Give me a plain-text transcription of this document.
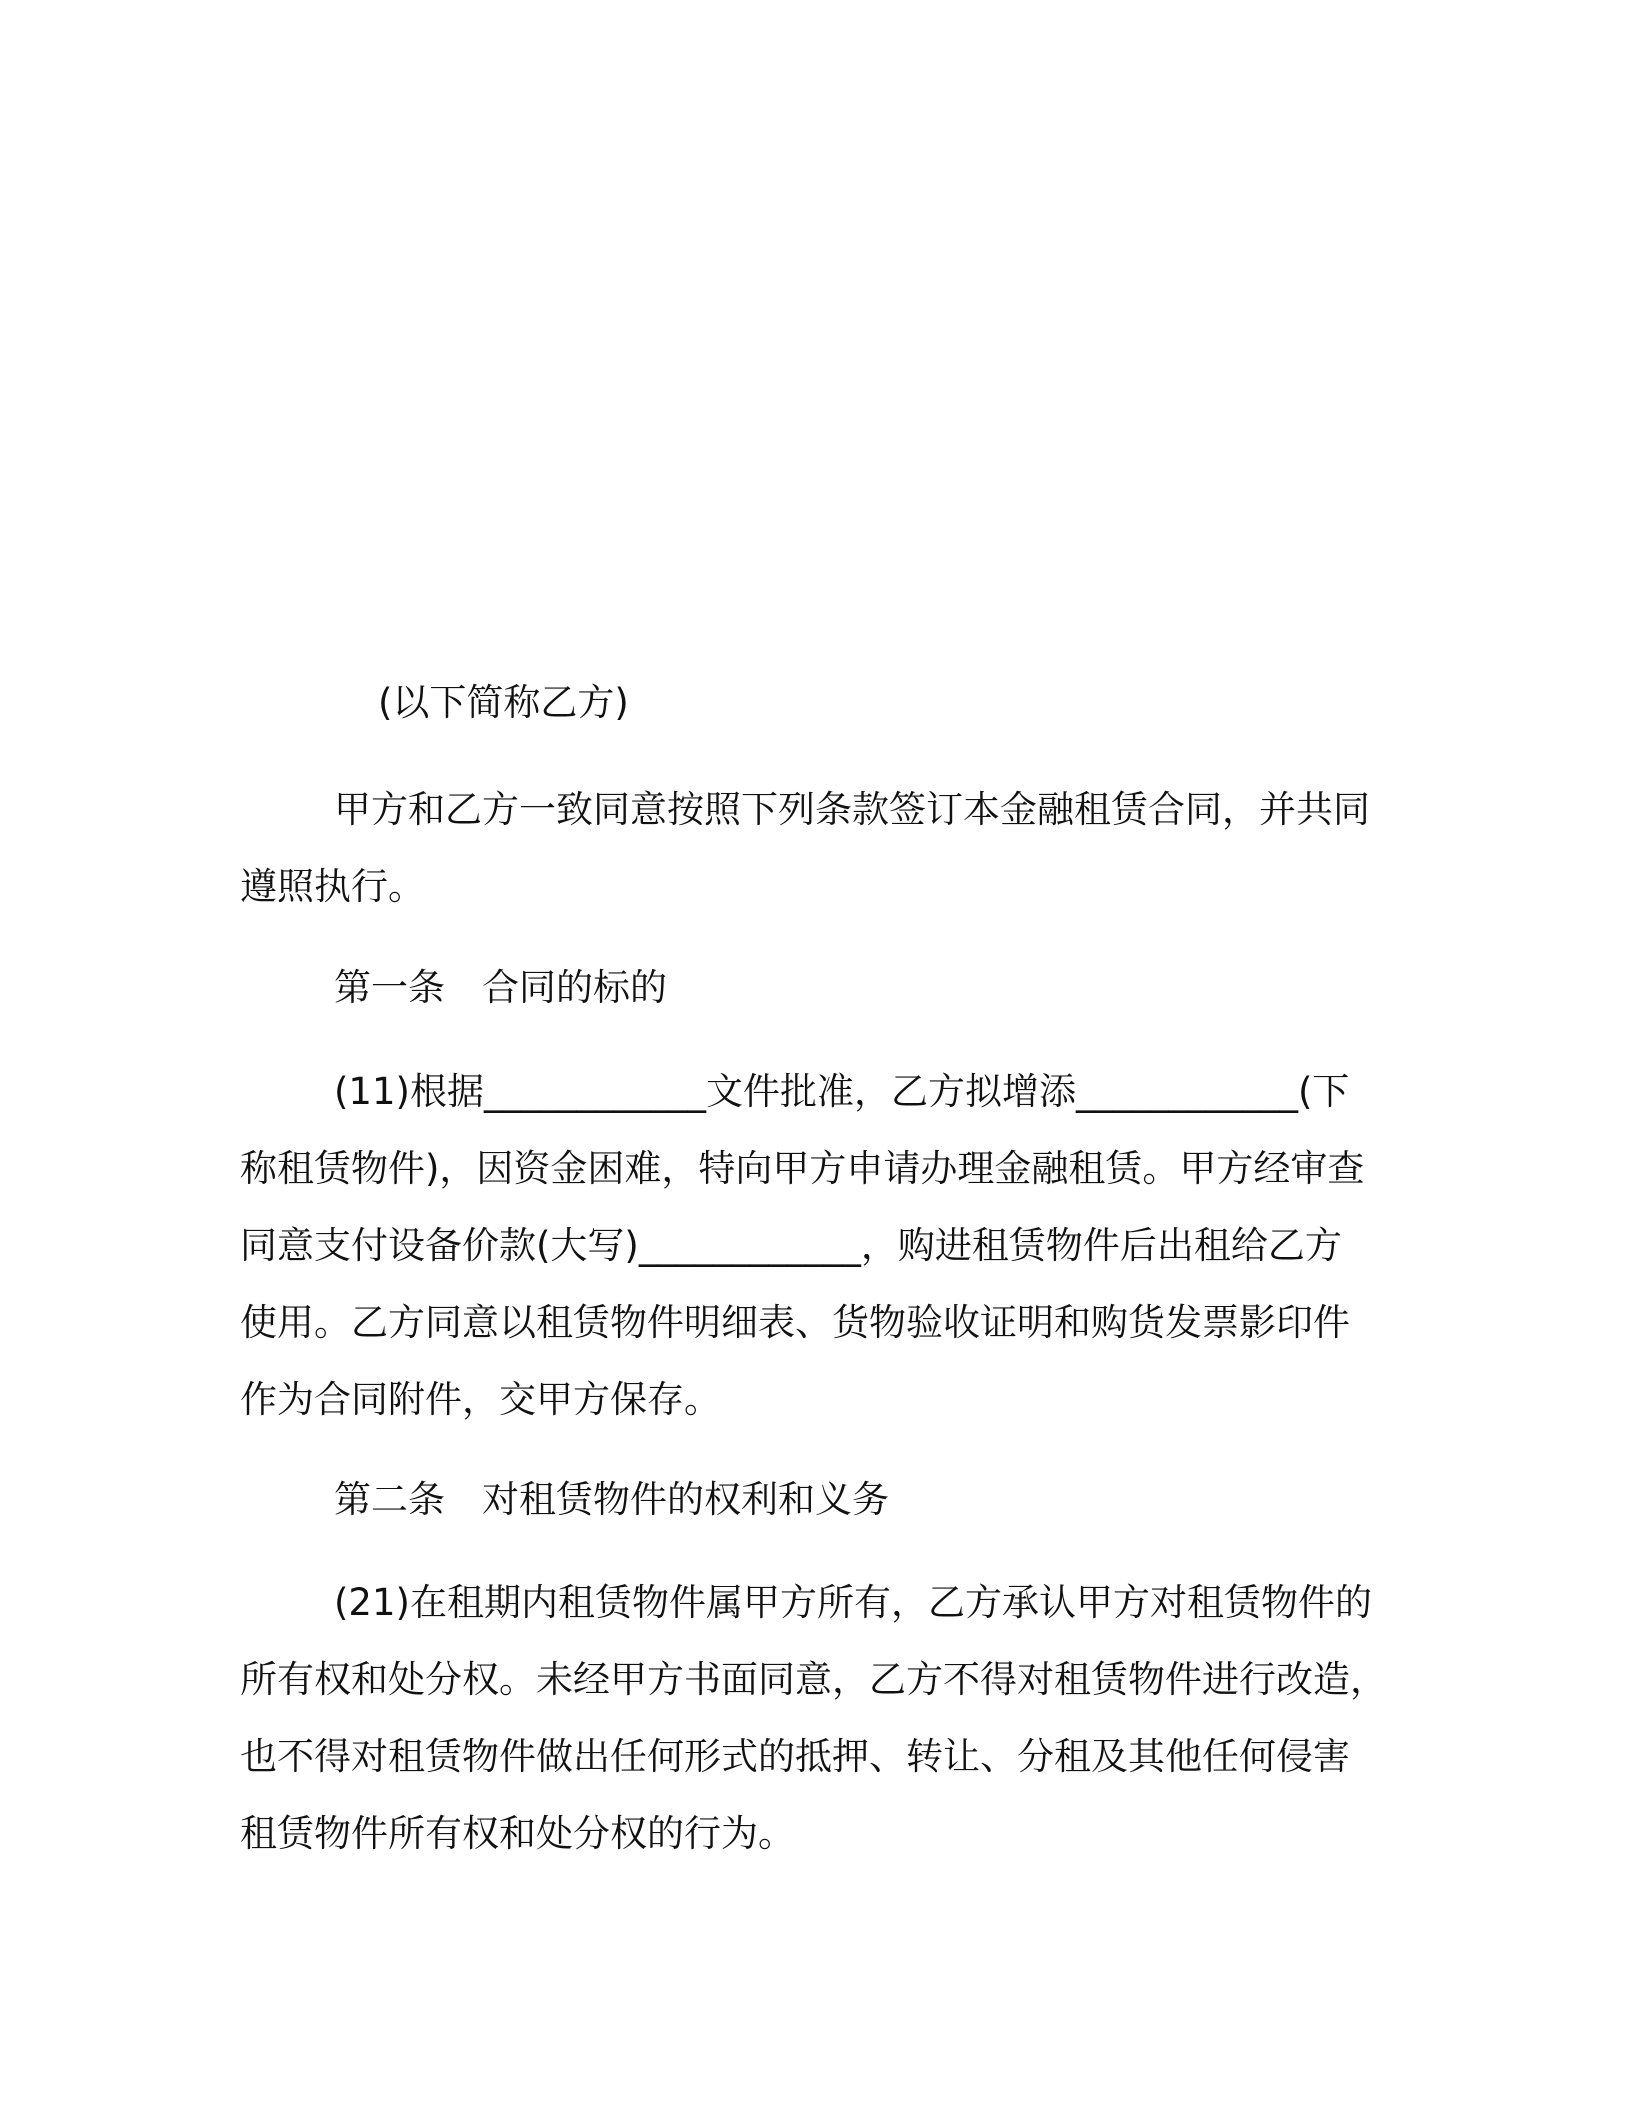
(以下简称乙方)
甲方和乙方一致同意按照下列条款签订本金融租赁合同，并共同
遵照执行。
第一条　合同的标的
(11)根据____________文件批准，乙方拟增添____________(下
称租赁物件)，因资金困难，特向甲方申请办理金融租赁。甲方经审查
同意支付设备价款(大写)____________，购进租赁物件后出租给乙方
使用。乙方同意以租赁物件明细表、货物验收证明和购货发票影印件
作为合同附件，交甲方保存。
第二条　对租赁物件的权利和义务
(21)在租期内租赁物件属甲方所有，乙方承认甲方对租赁物件的
所有权和处分权。未经甲方书面同意，乙方不得对租赁物件进行改造，
也不得对租赁物件做出任何形式的抵押、转让、分租及其他任何侵害
租赁物件所有权和处分权的行为。
